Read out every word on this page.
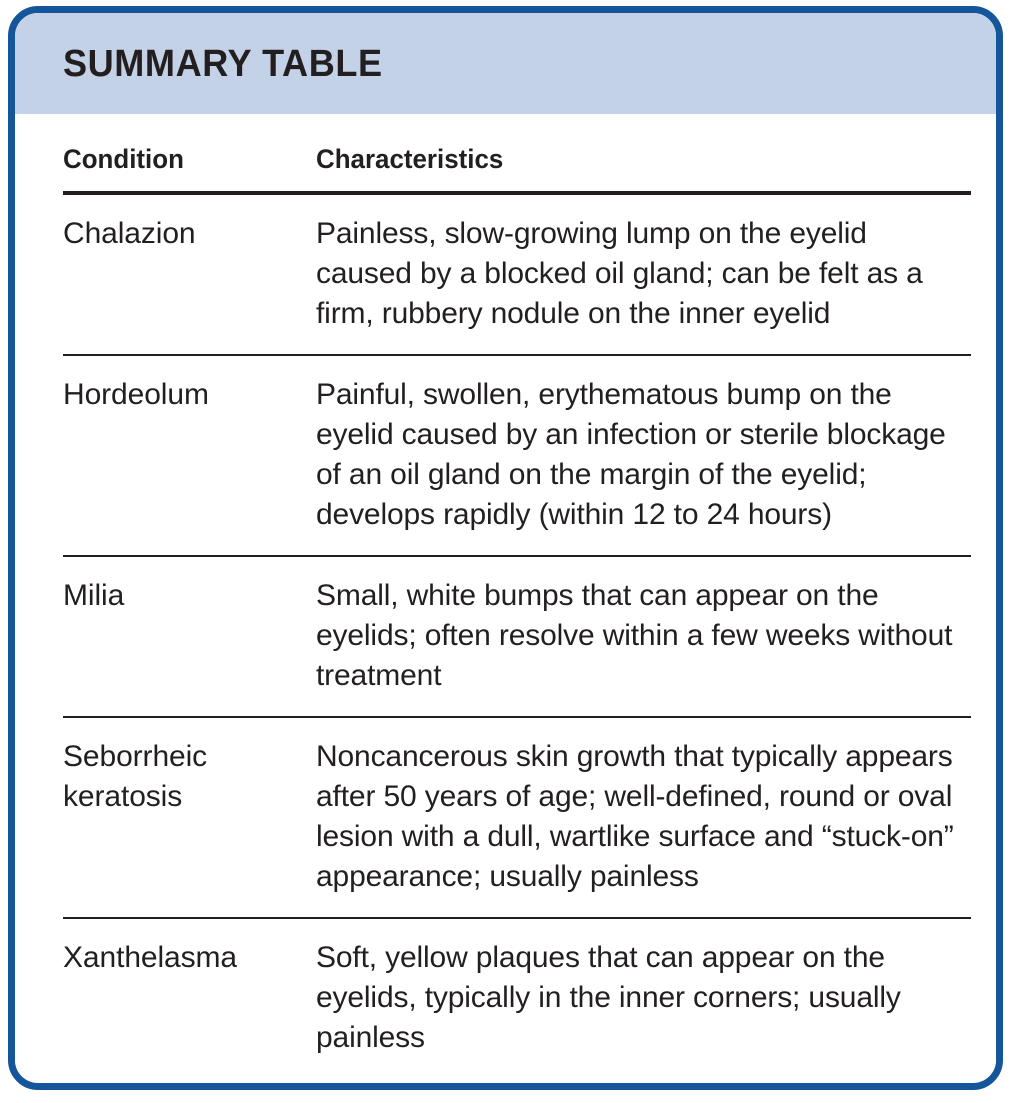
SUMMARY TABLE
Condition	Characteristics

Chalazion	Painless, slow-growing lump on the eyelid caused by a blocked oil gland; can be felt as a firm, rubbery nodule on the inner eyelid

Hordeolum	Painful, swollen, erythematous bump on the eyelid caused by an infection or sterile blockage of an oil gland on the margin of the eyelid; develops rapidly (within 12 to 24 hours)

Milia	Small, white bumps that can appear on the eyelids; often resolve within a few weeks without treatment

Seborrheic keratosis	Noncancerous skin growth that typically appears after 50 years of age; well-defined, round or oval lesion with a dull, wartlike surface and “stuck-on” appearance; usually painless

Xanthelasma	Soft, yellow plaques that can appear on the eyelids, typically in the inner corners; usually painless
